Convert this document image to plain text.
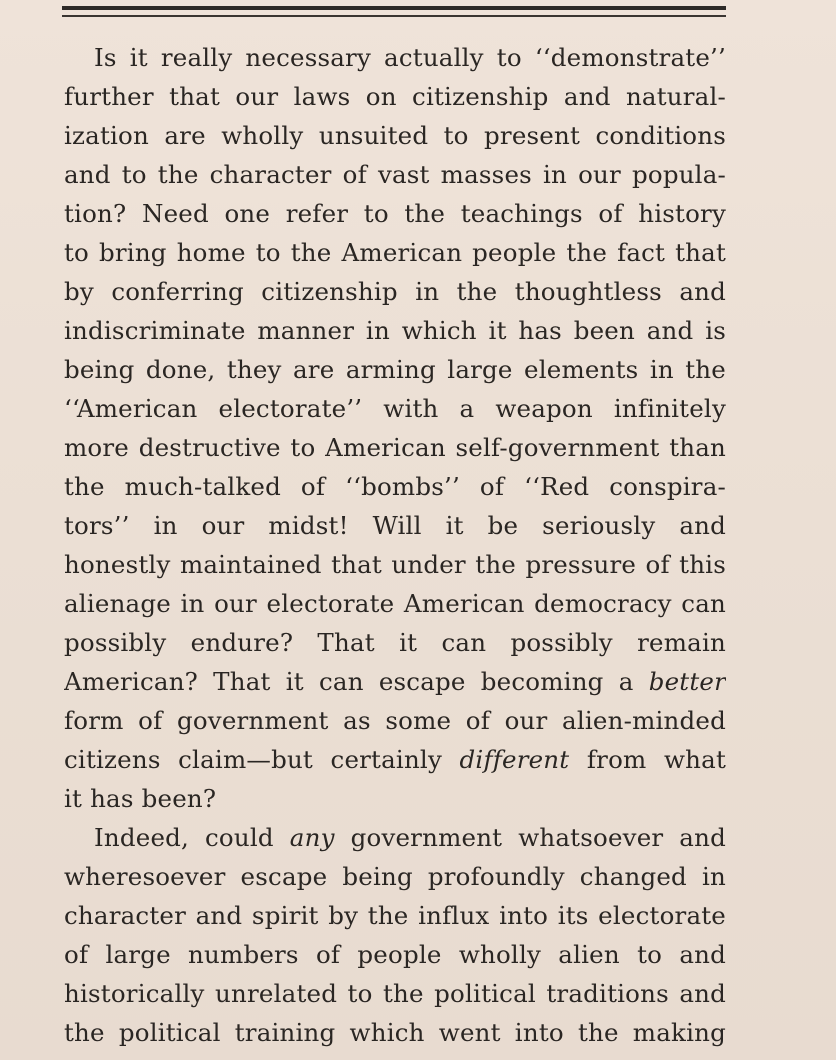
Is it really necessary actually to ‘‘demonstrate’’
further that our laws on citizenship and natural-
ization are wholly unsuited to present conditions
and to the character of vast masses in our popula-
tion? Need one refer to the teachings of history
to bring home to the American people the fact that
by conferring citizenship in the thoughtless and
indiscriminate manner in which it has been and is
being done, they are arming large elements in the
‘‘American electorate’’ with a weapon infinitely
more destructive to American self-government than
the much-talked of ‘‘bombs’’ of ‘‘Red conspira-
tors’’ in our midst! Will it be seriously and
honestly maintained that under the pressure of this
alienage in our electorate American democracy can
possibly endure? That it can possibly remain
American? That it can escape becoming a better
form of government as some of our alien-minded
citizens claim—but certainly different from what
it has been?

Indeed, could any government whatsoever and
wheresoever escape being profoundly changed in
character and spirit by the influx into its electorate
of large numbers of people wholly alien to and
historically unrelated to the political traditions and
the political training which went into the making
